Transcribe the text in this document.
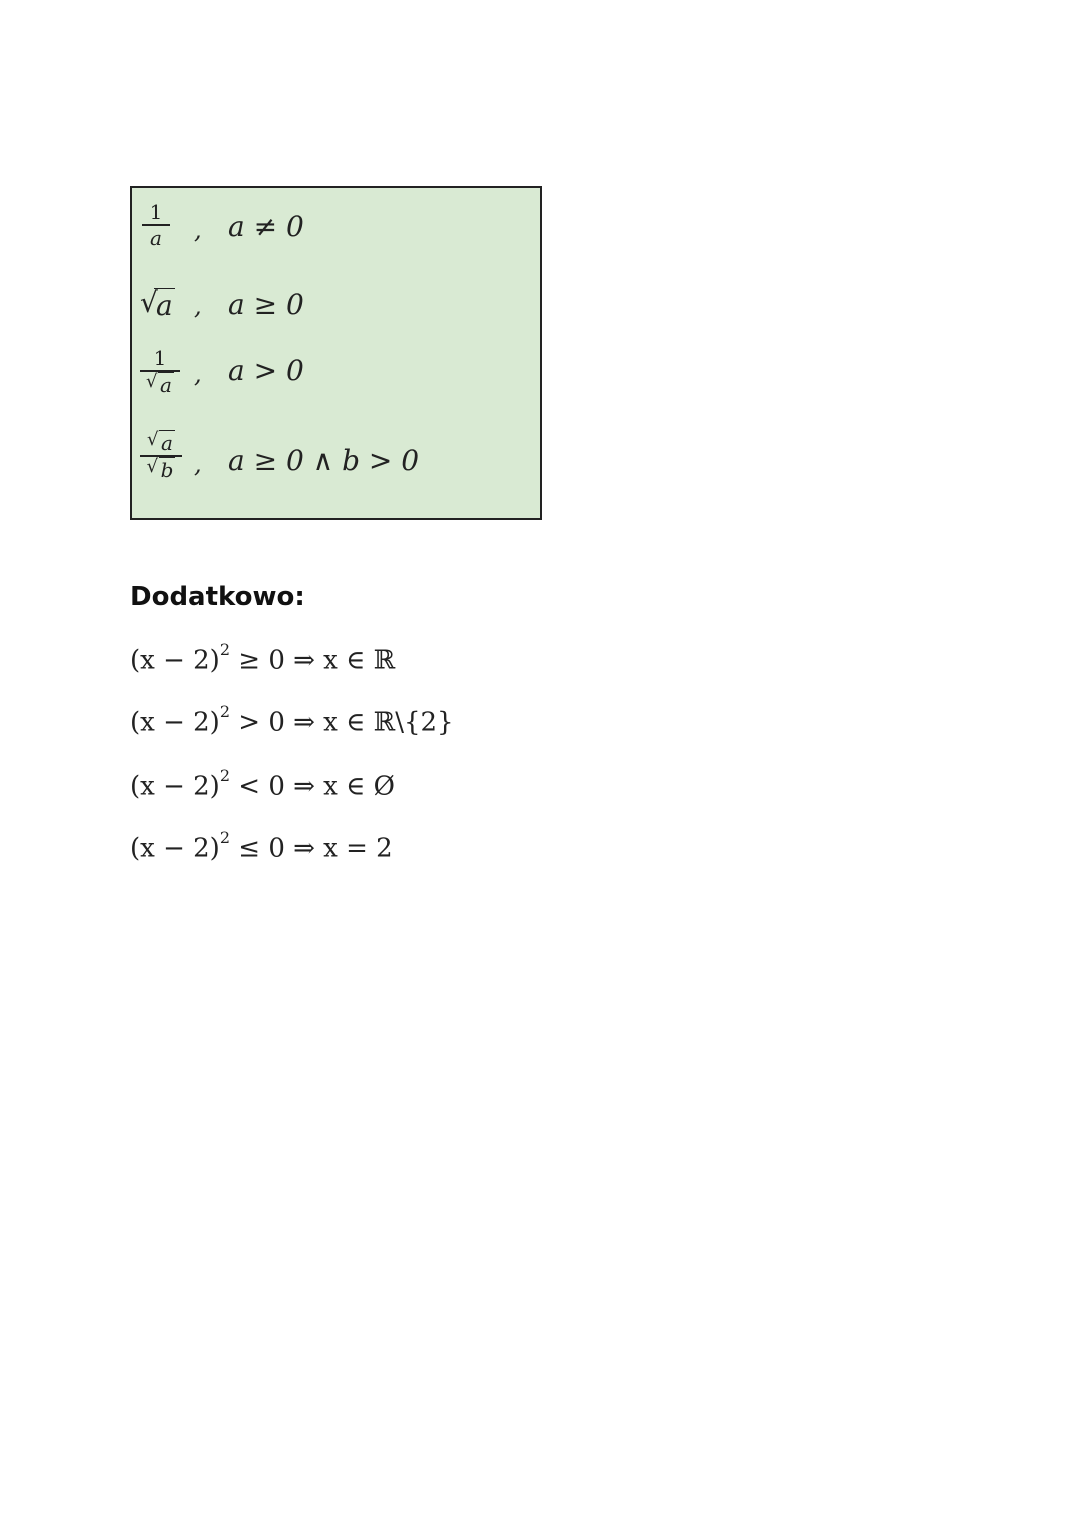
1
a , a ≠ 0
√
a , a ≥ 0
1
√ a , a > 0
√ a
√ b , a ≥ 0 ∧ b > 0
Dodatkowo:
$(x - 2)^2 \ge 0$ ⇒ x ∈ ℝ
$(x - 2)^2 > 0$ ⇒ x ∈ ℝ\{2}
$(x - 2)^2 < 0$ ⇒ x ∈ Ø
$(x - 2)^2 \le 0$ ⇒ x = 2
